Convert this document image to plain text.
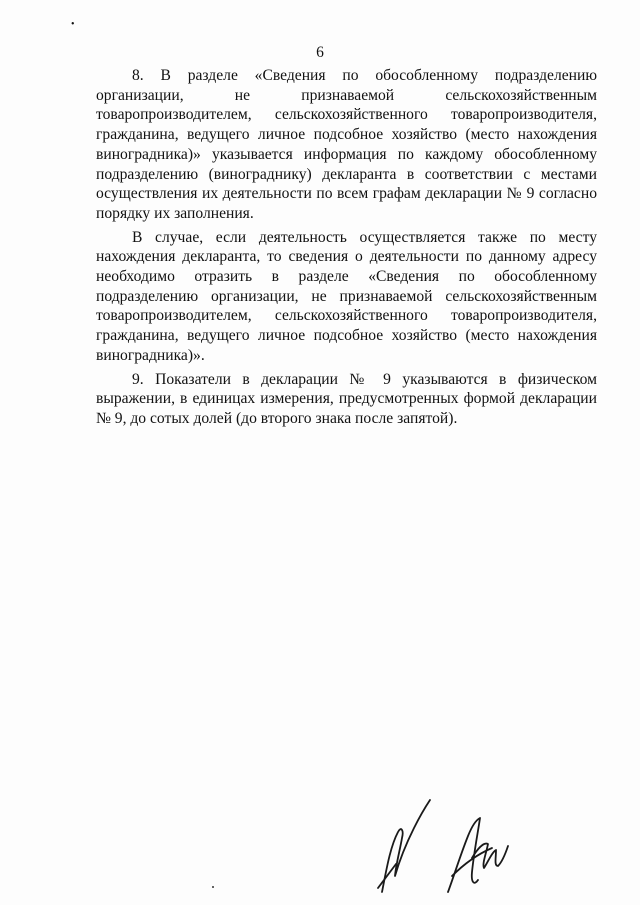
•
6

8. В разделе «Сведения по обособленному подразделению организации, не признаваемой сельскохозяйственным товаропроизводителем, сельскохозяйственного товаропроизводителя, гражданина, ведущего личное подсобное хозяйство (место нахождения виноградника)» указывается информация по каждому обособленному подразделению (винограднику) декларанта в соответствии с местами осуществления их деятельности по всем графам декларации № 9 согласно порядку их заполнения.

В случае, если деятельность осуществляется также по месту нахождения декларанта, то сведения о деятельности по данному адресу необходимо отразить в разделе «Сведения по обособленному подразделению организации, не признаваемой сельскохозяйственным товаропроизводителем, сельскохозяйственного товаропроизводителя, гражданина, ведущего личное подсобное хозяйство (место нахождения виноградника)».

9. Показатели в декларации № 9 указываются в физическом выражении, в единицах измерения, предусмотренных формой декларации № 9, до сотых долей (до второго знака после запятой).
